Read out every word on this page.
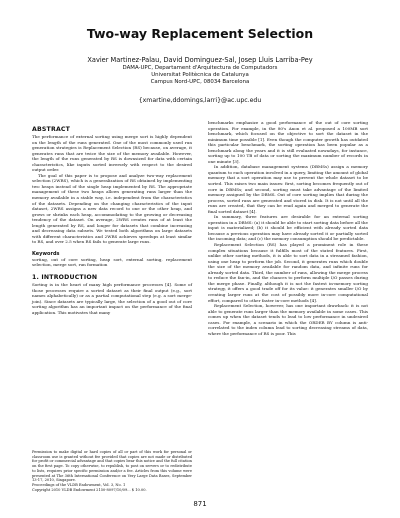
Two-way Replacement Selection
Xavier Martinez-Palau, David Dominguez-Sal, Josep Lluis Larriba-Pey
DAMA-UPC, Departament d'Arquitectura de Computadors
Universitat Politècnica de Catalunya
Campus Nord-UPC, 08034 Barcelona
{xmartine,ddomings,larri}@ac.upc.edu
ABSTRACT

The performance of external sorting using merge sort is highly dependent on the length of the runs generated. One of the most commonly used run generation strategies is Replacement Selection (RS) because, on average, it generates runs that are twice the size of the memory available. However, the length of the runs generated by RS is downsized for data with certain characteristics, like inputs sorted inversely with respect to the desired output order.

The goal of this paper is to propose and analyze two-way replacement selection (2WRS), which is a generalization of RS obtained by implementing two heaps instead of the single heap implemented by RS. The appropriate management of these two heaps allows generating runs larger than the memory available in a stable way, i.e. independent from the characteristics of the datasets. Depending on the changing characteristics of the input dataset, 2WRS assigns a new data record to one or the other heap, and grows or shrinks each heap, accommodating to the growing or decreasing tendency of the dataset. On average, 2WRS creates runs of at least the length generated by RS, and longer for datasets that combine increasing and decreasing data subsets. We tested both algorithms on large datasets with different characteristics and 2WRS achieves speedups at least similar to RS, and over 2.5 when RS fails to generate large runs.

Keywords

sorting, out of core sorting, heap sort, external sorting, replacement selection, merge sort, run formation

1. INTRODUCTION

Sorting is in the heart of many high performance processes [4]. Some of those processes require a sorted dataset as their final output (e.g., sort names alphabetically) or as a partial computational step (e.g. a sort merge-join). Since datasets are typically large, the selection of a good out of core sorting algorithm has an important impact on the performance of the final application. This motivates that many

Permission to make digital or hard copies of all or part of this work for personal or classroom use is granted without fee provided that copies are not made or distributed for profit or commercial advantage and that copies bear this notice and the full citation on the first page. To copy otherwise, to republish, to post on servers or to redistribute to lists, requires prior specific permission and/or a fee. Articles from this volume were presented at The 36th International Conference on Very Large Data Bases, September 13-17, 2010, Singapore.
Proceedings of the VLDB Endowment, Vol. 3, No. 1
Copyright 2010 VLDB Endowment 2150-8097/10/09... $ 10.00.

benchmarks emphasize a good performance of the out of core sorting operation. For example, in the 80's Anon et al. proposed a 100MB sort benchmark, which focused on the objective to sort the dataset in the minimum time possible [1]. Even though the computer growth has outdated this particular benchmark, the sorting operation has been popular as a benchmark along the years and it is still evaluated nowadays, for instance, sorting up to 100 TB of data or sorting the maximum number of records in one minute [3].

In addition, database management systems (DBMSs) assign a memory quantum to each operation involved in a query, limiting the amount of global memory that a sort operation may use to prevent the whole dataset to be sorted. This raises two main issues: first, sorting becomes frequently out of core in DBMSs; and second, sorting must take advantage of the limited memory assigned by the DBMS. Out of core sorting implies that during the process, sorted runs are generated and stored in disk. It is not until all the runs are created, that they can be read again and merged to generate the final sorted dataset [4].

In summary, three features are desirable for an external sorting operation in a DBMS: (a) it should be able to start sorting data before all the input is materialized; (b) it should be efficient with already sorted data because a previous operation may have already sorted it or partially sorted the incoming data; and (c) the memory consumption should be predictable.

Replacement Selection (RS) has played a prominent role in these complex situations because it fulfills most of the stated features. First, unlike other sorting methods, it is able to sort data in a streamed fashion, using one heap to perform the job. Second, it generates runs which double the size of the memory available for random data, and infinite runs for already sorted data. Third, the number of runs, allowing the merge process to reduce the fan-in, and the chances to perform multiple I/O passes during the merge phase. Finally, although it is not the fastest in-memory sorting strategy, it offers a good trade off for its value: it generates smaller I/O by creating larger runs at the cost of possibly more in-core computational effort, compared to other faster in-core methods [4].

Replacement Selection, however, has one important drawback: it is not able to generate runs larger than the memory available in some cases. This comes up when the dataset tends to lead to low performance in undesired cases. For example, a scenario in which the ORDER BY column is anti-correlated to the index column lead to sorting decreasing streams of data, where the performance of RS is poor. This

871
